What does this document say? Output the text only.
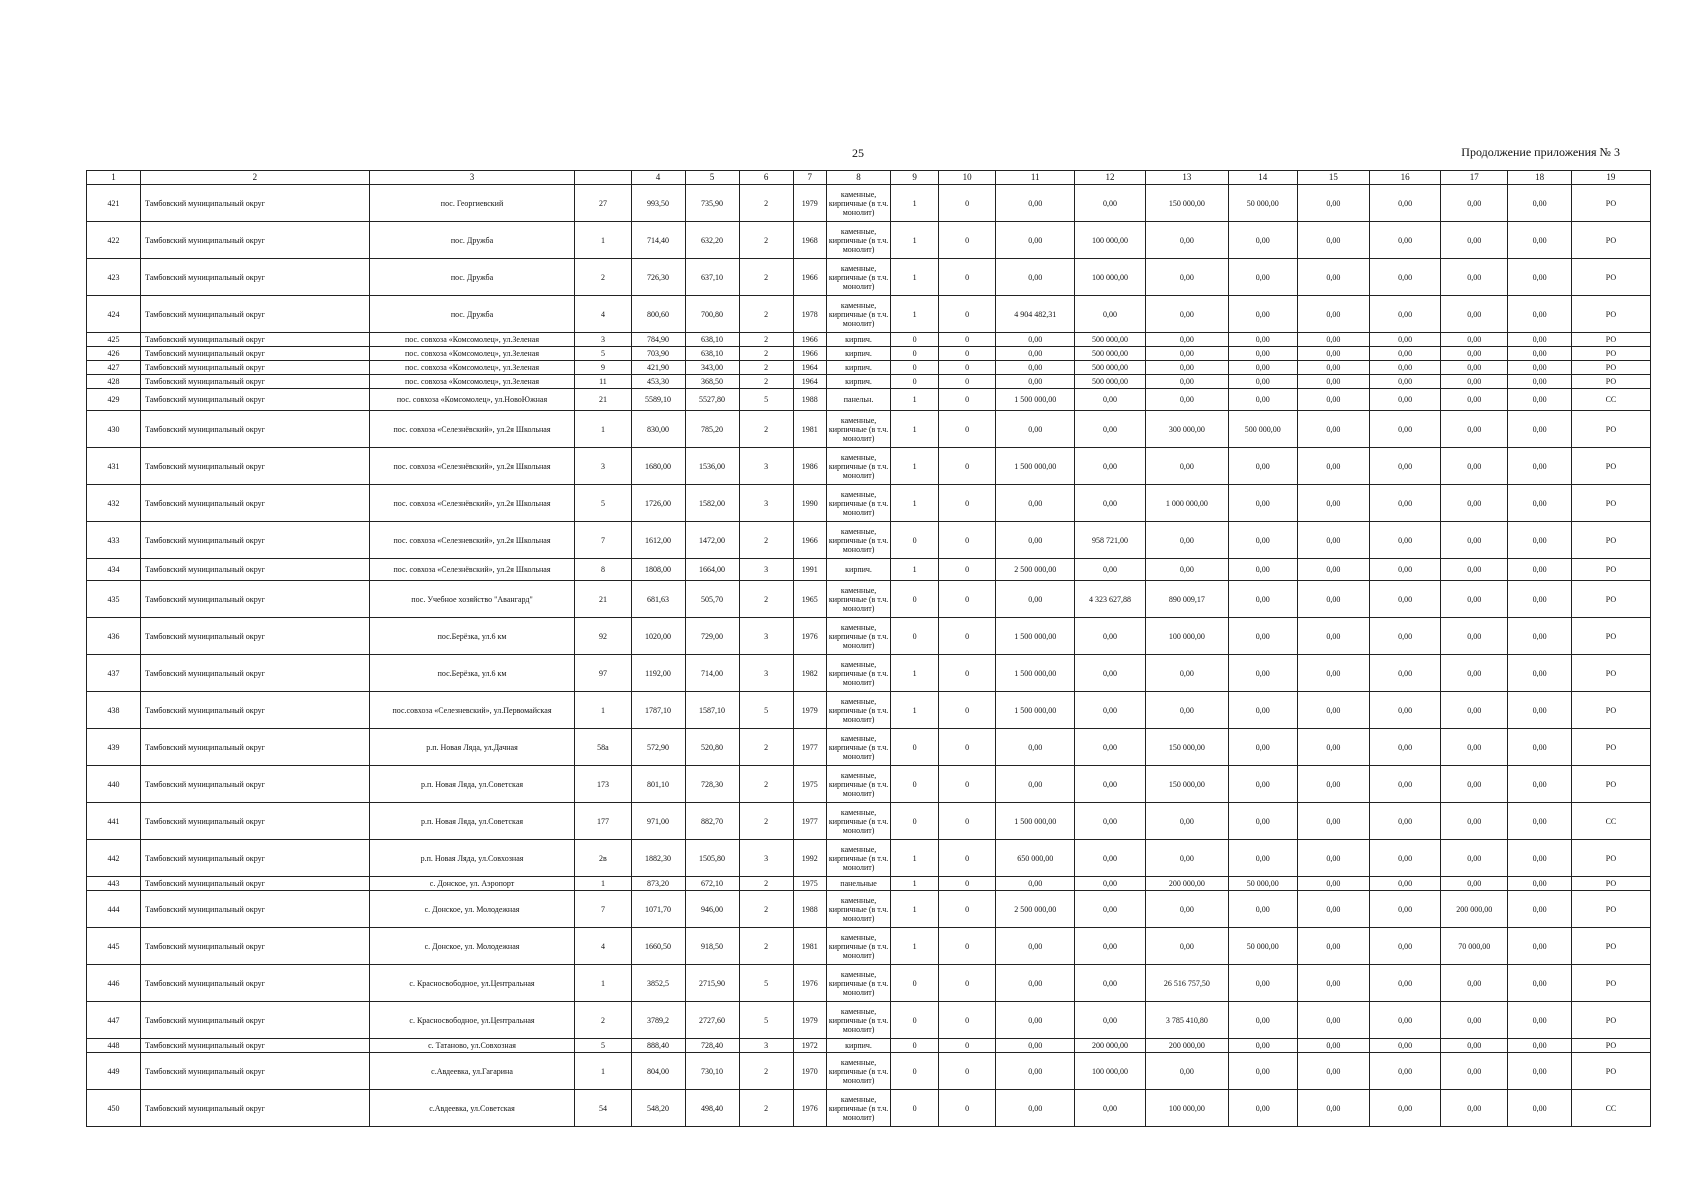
25	Продолжение приложения № 3
1	2	3		4	5	6	7	8	9	10	11	12	13	14	15	16	17	18	19
421	Тамбовский муниципальный округ	пос. Георгиевский	27	993,50	735,90	2	1979	каменные, кирпичные (в т.ч. монолит)	1	0	0,00	0,00	150 000,00	50 000,00	0,00	0,00	0,00	0,00	РО
422	Тамбовский муниципальный округ	пос. Дружба	1	714,40	632,20	2	1968	каменные, кирпичные (в т.ч. монолит)	1	0	0,00	100 000,00	0,00	0,00	0,00	0,00	0,00	0,00	РО
423	Тамбовский муниципальный округ	пос. Дружба	2	726,30	637,10	2	1966	каменные, кирпичные (в т.ч. монолит)	1	0	0,00	100 000,00	0,00	0,00	0,00	0,00	0,00	0,00	РО
424	Тамбовский муниципальный округ	пос. Дружба	4	800,60	700,80	2	1978	каменные, кирпичные (в т.ч. монолит)	1	0	4 904 482,31	0,00	0,00	0,00	0,00	0,00	0,00	0,00	РО
425	Тамбовский муниципальный округ	пос. совхоза «Комсомолец», ул.Зеленая	3	784,90	638,10	2	1966	кирпич.	0	0	0,00	500 000,00	0,00	0,00	0,00	0,00	0,00	0,00	РО
426	Тамбовский муниципальный округ	пос. совхоза «Комсомолец», ул.Зеленая	5	703,90	638,10	2	1966	кирпич.	0	0	0,00	500 000,00	0,00	0,00	0,00	0,00	0,00	0,00	РО
427	Тамбовский муниципальный округ	пос. совхоза «Комсомолец», ул.Зеленая	9	421,90	343,00	2	1964	кирпич.	0	0	0,00	500 000,00	0,00	0,00	0,00	0,00	0,00	0,00	РО
428	Тамбовский муниципальный округ	пос. совхоза «Комсомолец», ул.Зеленая	11	453,30	368,50	2	1964	кирпич.	0	0	0,00	500 000,00	0,00	0,00	0,00	0,00	0,00	0,00	РО
429	Тамбовский муниципальный округ	пос. совхоза «Комсомолец», ул.НовоЮжная	21	5589,10	5527,80	5	1988	панельн.	1	0	1 500 000,00	0,00	0,00	0,00	0,00	0,00	0,00	0,00	СС
430	Тамбовский муниципальный округ	пос. совхоза «Селезнёвский», ул.2я Школьная	1	830,00	785,20	2	1981	каменные, кирпичные (в т.ч. монолит)	1	0	0,00	0,00	300 000,00	500 000,00	0,00	0,00	0,00	0,00	РО
431	Тамбовский муниципальный округ	пос. совхоза «Селезнёвский», ул.2я Школьная	3	1680,00	1536,00	3	1986	каменные, кирпичные (в т.ч. монолит)	1	0	1 500 000,00	0,00	0,00	0,00	0,00	0,00	0,00	0,00	РО
432	Тамбовский муниципальный округ	пос. совхоза «Селезнёвский», ул.2я Школьная	5	1726,00	1582,00	3	1990	каменные, кирпичные (в т.ч. монолит)	1	0	0,00	0,00	1 000 000,00	0,00	0,00	0,00	0,00	0,00	РО
433	Тамбовский муниципальный округ	пос. совхоза «Селезневский», ул.2я Школьная	7	1612,00	1472,00	2	1966	каменные, кирпичные (в т.ч. монолит)	0	0	0,00	958 721,00	0,00	0,00	0,00	0,00	0,00	0,00	РО
434	Тамбовский муниципальный округ	пос. совхоза «Селезнёвский», ул.2я Школьная	8	1808,00	1664,00	3	1991	кирпич.	1	0	2 500 000,00	0,00	0,00	0,00	0,00	0,00	0,00	0,00	РО
435	Тамбовский муниципальный округ	пос. Учебное хозяйство "Авангард"	21	681,63	505,70	2	1965	каменные, кирпичные (в т.ч. монолит)	0	0	0,00	4 323 627,88	890 009,17	0,00	0,00	0,00	0,00	0,00	РО
436	Тамбовский муниципальный округ	пос.Берёзка, ул.6 км	92	1020,00	729,00	3	1976	каменные, кирпичные (в т.ч. монолит)	0	0	1 500 000,00	0,00	100 000,00	0,00	0,00	0,00	0,00	0,00	РО
437	Тамбовский муниципальный округ	пос.Берёзка, ул.6 км	97	1192,00	714,00	3	1982	каменные, кирпичные (в т.ч. монолит)	1	0	1 500 000,00	0,00	0,00	0,00	0,00	0,00	0,00	0,00	РО
438	Тамбовский муниципальный округ	пос.совхоза «Селезневский», ул.Первомайская	1	1787,10	1587,10	5	1979	каменные, кирпичные (в т.ч. монолит)	1	0	1 500 000,00	0,00	0,00	0,00	0,00	0,00	0,00	0,00	РО
439	Тамбовский муниципальный округ	р.п. Новая Ляда, ул.Дачная	58а	572,90	520,80	2	1977	каменные, кирпичные (в т.ч. монолит)	0	0	0,00	0,00	150 000,00	0,00	0,00	0,00	0,00	0,00	РО
440	Тамбовский муниципальный округ	р.п. Новая Ляда, ул.Советская	173	801,10	728,30	2	1975	каменные, кирпичные (в т.ч. монолит)	0	0	0,00	0,00	150 000,00	0,00	0,00	0,00	0,00	0,00	РО
441	Тамбовский муниципальный округ	р.п. Новая Ляда, ул.Советская	177	971,00	882,70	2	1977	каменные, кирпичные (в т.ч. монолит)	0	0	1 500 000,00	0,00	0,00	0,00	0,00	0,00	0,00	0,00	СС
442	Тамбовский муниципальный округ	р.п. Новая Ляда, ул.Совхозная	2в	1882,30	1505,80	3	1992	каменные, кирпичные (в т.ч. монолит)	1	0	650 000,00	0,00	0,00	0,00	0,00	0,00	0,00	0,00	РО
443	Тамбовский муниципальный округ	с. Донское, ул. Аэропорт	1	873,20	672,10	2	1975	панельные	1	0	0,00	0,00	200 000,00	50 000,00	0,00	0,00	0,00	0,00	РО
444	Тамбовский муниципальный округ	с. Донское, ул. Молодежная	7	1071,70	946,00	2	1988	каменные, кирпичные (в т.ч. монолит)	1	0	2 500 000,00	0,00	0,00	0,00	0,00	0,00	200 000,00	0,00	РО
445	Тамбовский муниципальный округ	с. Донское, ул. Молодежная	4	1660,50	918,50	2	1981	каменные, кирпичные (в т.ч. монолит)	1	0	0,00	0,00	0,00	50 000,00	0,00	0,00	70 000,00	0,00	РО
446	Тамбовский муниципальный округ	с. Красносвободное, ул.Центральная	1	3852,5	2715,90	5	1976	каменные, кирпичные (в т.ч. монолит)	0	0	0,00	0,00	26 516 757,50	0,00	0,00	0,00	0,00	0,00	РО
447	Тамбовский муниципальный округ	с. Красносвободное, ул.Центральная	2	3789,2	2727,60	5	1979	каменные, кирпичные (в т.ч. монолит)	0	0	0,00	0,00	3 785 410,80	0,00	0,00	0,00	0,00	0,00	РО
448	Тамбовский муниципальный округ	с. Татаново, ул.Совхозная	5	888,40	728,40	3	1972	кирпич.	0	0	0,00	200 000,00	200 000,00	0,00	0,00	0,00	0,00	0,00	РО
449	Тамбовский муниципальный округ	с.Авдеевка, ул.Гагарина	1	804,00	730,10	2	1970	каменные, кирпичные (в т.ч. монолит)	0	0	0,00	100 000,00	0,00	0,00	0,00	0,00	0,00	0,00	РО
450	Тамбовский муниципальный округ	с.Авдеевка, ул.Советская	54	548,20	498,40	2	1976	каменные, кирпичные (в т.ч. монолит)	0	0	0,00	0,00	100 000,00	0,00	0,00	0,00	0,00	0,00	СС
